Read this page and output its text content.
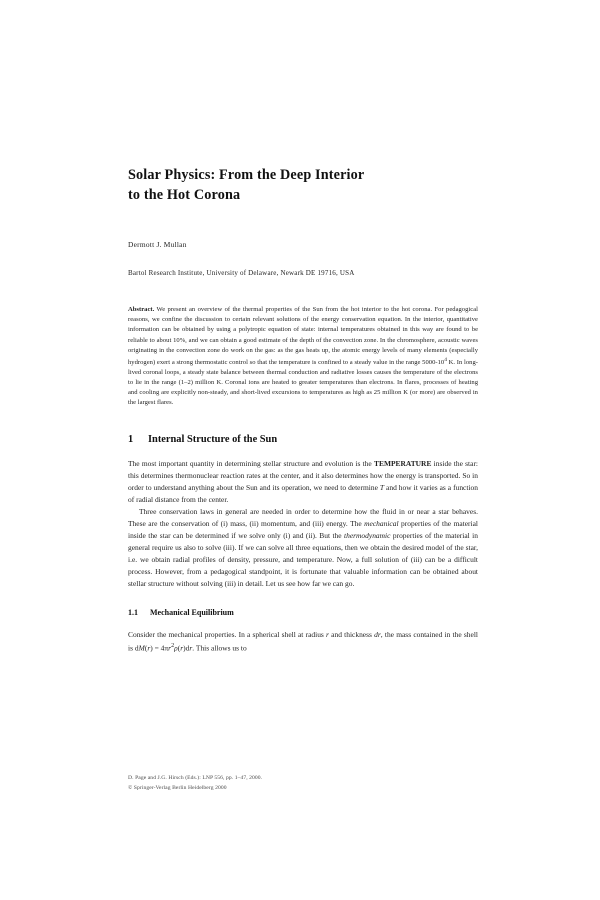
Solar Physics: From the Deep Interior
to the Hot Corona

Dermott J. Mullan

Bartol Research Institute, University of Delaware, Newark DE 19716, USA

Abstract. We present an overview of the thermal properties of the Sun from the hot interior to the hot corona. For pedagogical reasons, we confine the discussion to certain relevant solutions of the energy conservation equation. In the interior, quantitative information can be obtained by using a polytropic equation of state: internal temperatures obtained in this way are found to be reliable to about 10%, and we can obtain a good estimate of the depth of the convection zone. In the chromosphere, acoustic waves originating in the convection zone do work on the gas: as the gas heats up, the atomic energy levels of many elements (especially hydrogen) exert a strong thermostatic control so that the temperature is confined to a steady value in the range $5000-10^4$ K. In long-lived coronal loops, a steady state balance between thermal conduction and radiative losses causes the temperature of the electrons to lie in the range (1–2) million K. Coronal ions are heated to greater temperatures than electrons. In flares, processes of heating and cooling are explicitly non-steady, and short-lived excursions to temperatures as high as 25 million K (or more) are observed in the largest flares.

1 Internal Structure of the Sun

The most important quantity in determining stellar structure and evolution is the TEMPERATURE inside the star: this determines thermonuclear reaction rates at the center, and it also determines how the energy is transported. So in order to understand anything about the Sun and its operation, we need to determine T and how it varies as a function of radial distance from the center.

Three conservation laws in general are needed in order to determine how the fluid in or near a star behaves. These are the conservation of (i) mass, (ii) momentum, and (iii) energy. The mechanical properties of the material inside the star can be determined if we solve only (i) and (ii). But the thermodynamic properties of the material in general require us also to solve (iii). If we can solve all three equations, then we obtain the desired model of the star, i.e. we obtain radial profiles of density, pressure, and temperature. Now, a full solution of (iii) can be a difficult process. However, from a pedagogical standpoint, it is fortunate that valuable information can be obtained about stellar structure without solving (iii) in detail. Let us see how far we can go.

1.1 Mechanical Equilibrium

Consider the mechanical properties. In a spherical shell at radius r and thickness dr, the mass contained in the shell is $dM(r) = 4\pi r^2\rho(r)dr$. This allows us to

D. Page and J.G. Hirsch (Eds.): LNP 556, pp. 1–47, 2000.
© Springer-Verlag Berlin Heidelberg 2000
